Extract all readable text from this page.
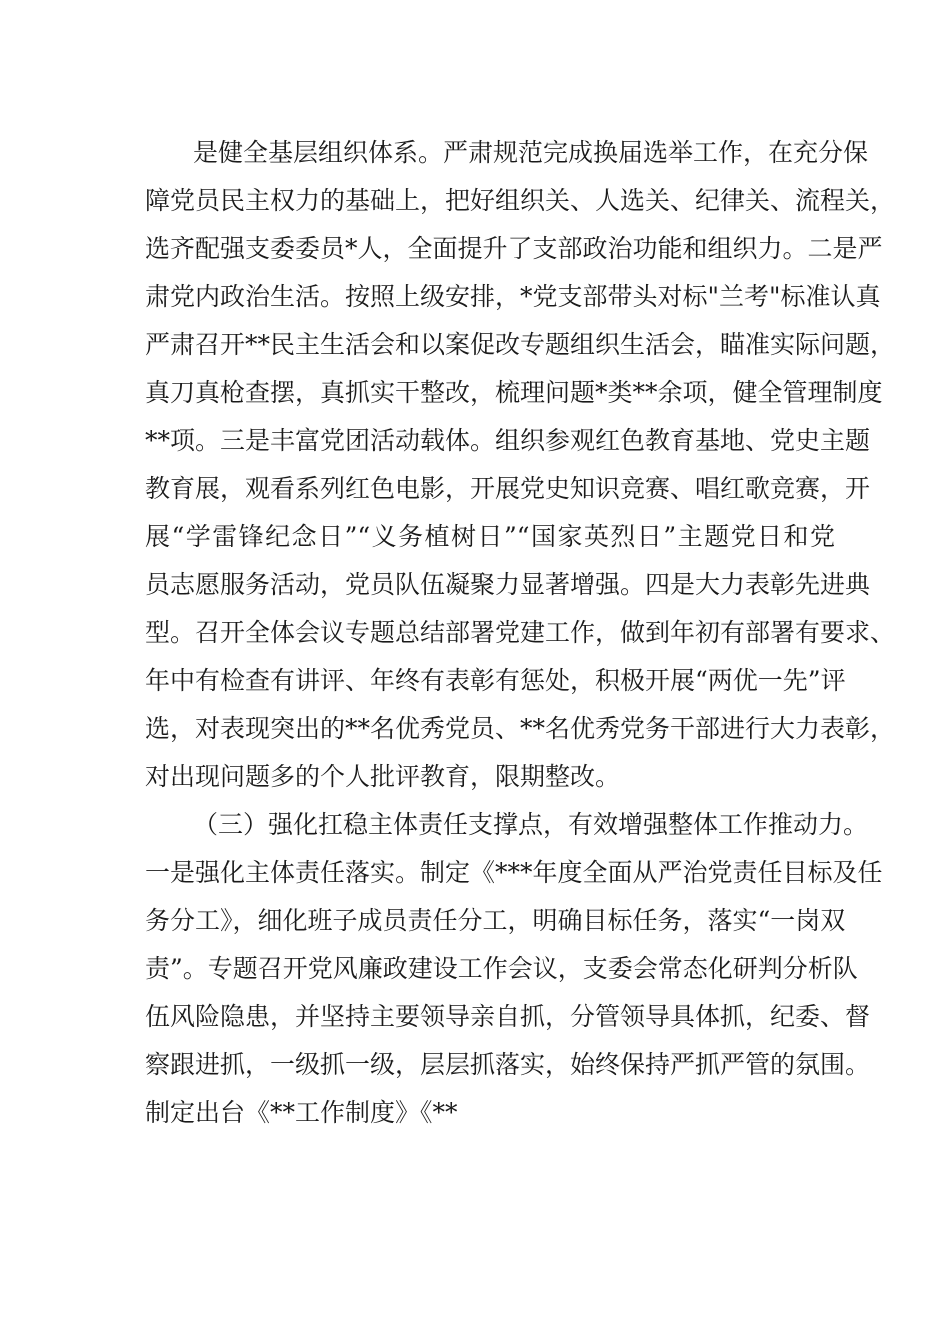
是健全基层组织体系。严肃规范完成换届选举工作，在充分保
障党员民主权力的基础上，把好组织关、人选关、纪律关、流程关，
选齐配强支委委员*人，全面提升了支部政治功能和组织力。二是严
肃党内政治生活。按照上级安排，*党支部带头对标"兰考"标准认真
严肃召开**民主生活会和以案促改专题组织生活会，瞄准实际问题，
真刀真枪查摆，真抓实干整改，梳理问题*类**余项，健全管理制度
**项。三是丰富党团活动载体。组织参观红色教育基地、党史主题
教育展，观看系列红色电影，开展党史知识竞赛、唱红歌竞赛，开
展“学雷锋纪念日”“义务植树日”“国家英烈日”主题党日和党
员志愿服务活动，党员队伍凝聚力显著增强。四是大力表彰先进典
型。召开全体会议专题总结部署党建工作，做到年初有部署有要求、
年中有检查有讲评、年终有表彰有惩处，积极开展“两优一先”评
选，对表现突出的**名优秀党员、**名优秀党务干部进行大力表彰，
对出现问题多的个人批评教育，限期整改。
（三）强化扛稳主体责任支撑点，有效增强整体工作推动力。
一是强化主体责任落实。制定《***年度全面从严治党责任目标及任
务分工》，细化班子成员责任分工，明确目标任务，落实“一岗双
责”。专题召开党风廉政建设工作会议，支委会常态化研判分析队
伍风险隐患，并坚持主要领导亲自抓，分管领导具体抓，纪委、督
察跟进抓，一级抓一级，层层抓落实，始终保持严抓严管的氛围。
制定出台《**工作制度》《**
